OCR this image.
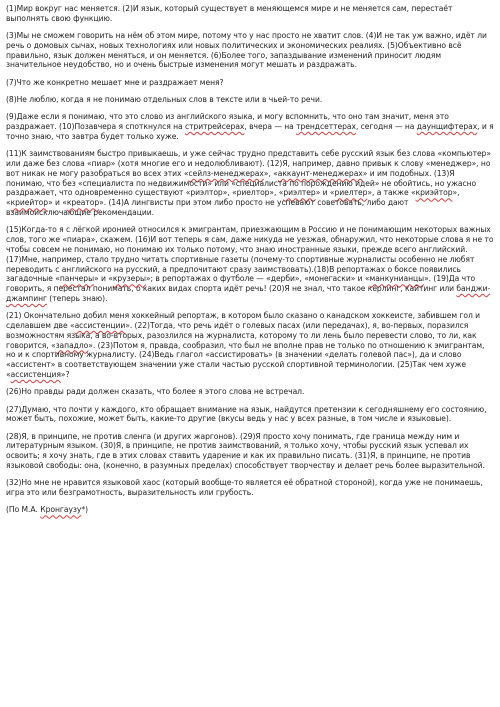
(1)Мир вокруг нас меняется. (2)И язык, который существует в меняющемся мире и не меняется сам, перестаёт выполнять свою функцию.

(3)Мы не сможем говорить на нём об этом мире, потому что у нас просто не хватит слов. (4)И не так уж важно, идёт ли речь о домовых сычах, новых технологиях или новых политических и экономических реалиях. (5)Объективно всё правильно, язык должен меняться, и он меняется. (6)Более того, запаздывание изменений приносит людям значительное неудобство, но и очень быстрые изменения могут мешать и раздражать.

(7)Что же конкретно мешает мне и раздражает меня?

(8)Не люблю, когда я не понимаю отдельных слов в тексте или в чьей-то речи.

(9)Даже если я понимаю, что это слово из английского языка, и могу вспомнить, что оно там значит, меня это раздражает. (10)Позавчера я споткнулся на стритрейсерах, вчера — на трендсеттерах, сегодня — на даунщифтерах, и я точно знаю, что завтра будет только хуже.

(11)К заимствованиям быстро привыкаешь, и уже сейчас трудно представить себе русский язык без слова «компьютер» или даже без слова «пиар» (хотя многие его и недолюбливают). (12)Я, например, давно привык к слову «менеджер», но вот никак не могу разобраться во всех этих «сейлз-менеджерах», «аккаунт-менеджерах» и им подобных. (13)Я понимаю, что без «специалиста по недвижимости» или «специалиста по порождению идей» не обойтись, но ужасно раздражает, что одновременно существуют «риэлтор», «риелтор», «риэлтер» и «риелтер», а также «криэйтор», «криейтор» и «креатор». (14)А лингвисты при этом либо просто не успевают советовать, либо дают взаимоисключающие рекомендации.

(15)Когда-то я с лёгкой иронией относился к эмигрантам, приезжающим в Россию и не понимающим некоторых важных слов, того же «пиара», скажем. (16)И вот теперь я сам, даже никуда не уезжая, обнаружил, что некоторые слова я не то чтобы совсем не понимаю, но понимаю их только потому, что знаю иностранные языки, прежде всего английский. (17)Мне, например, стало трудно читать спортивные газеты (почему-то спортивные журналисты особенно не любят переводить с английского на русский, а предпочитают сразу заимствовать).(18)В репортажах о боксе появились загадочные «панчеры» и «крузеры»; в репортажах о футболе — «дерби», «монегаски» и «манкунианцы». (19)Да что говорить, я перестал понимать, о каких видах спорта идёт речь! (20)Я не знал, что такое кёрлинг, кайтинг или банджи-джампинг (теперь знаю).

(21) Окончательно добил меня хоккейный репортаж, в котором было сказано о канадском хоккеисте, забившем гол и сделавшем две «ассистенции». (22)Тогда, что речь идёт о голевых пасах (или передачах), я, во-первых, поразился возможностям языка, а во-вторых, разозлился на журналиста, которому то ли лень было перевести слово, то ли, как говорится, «западло». (23)Потом я, правда, сообразил, что был не вполне прав не только по отношению к эмигрантам, но и к спортивному журналисту. (24)Ведь глагол «ассистировать» (в значении «делать голевой пас»), да и слово «ассистент» в соответствующем значении уже стали частью русской спортивной терминологии. (25)Так чем хуже «ассистенция»?

(26)Но правды ради должен сказать, что более я этого слова не встречал.

(27)Думаю, что почти у каждого, кто обращает внимание на язык, найдутся претензии к сегодняшнему его состоянию, может быть, похожие, может быть, какие-то другие (вкусы ведь у нас у всех разные, в том числе и языковые).

(28)Я, в принципе, не против сленга (и других жаргонов). (29)Я просто хочу понимать, где граница между ним и литературным языком. (30)Я, в принципе, не против заимствований, я только хочу, чтобы русский язык успевал их освоить; я хочу знать, где в этих словах ставить ударение и как их правильно писать. (31)Я, в принципе, не против языковой свободы: она, (конечно, в разумных пределах) способствует творчеству и делает речь более выразительной.

(32)Но мне не нравится языковой хаос (который вообще-то является её обратной стороной), когда уже не понимаешь, игра это или безграмотность, выразительность или грубость.

(По М.А. Кронгаузу*)
